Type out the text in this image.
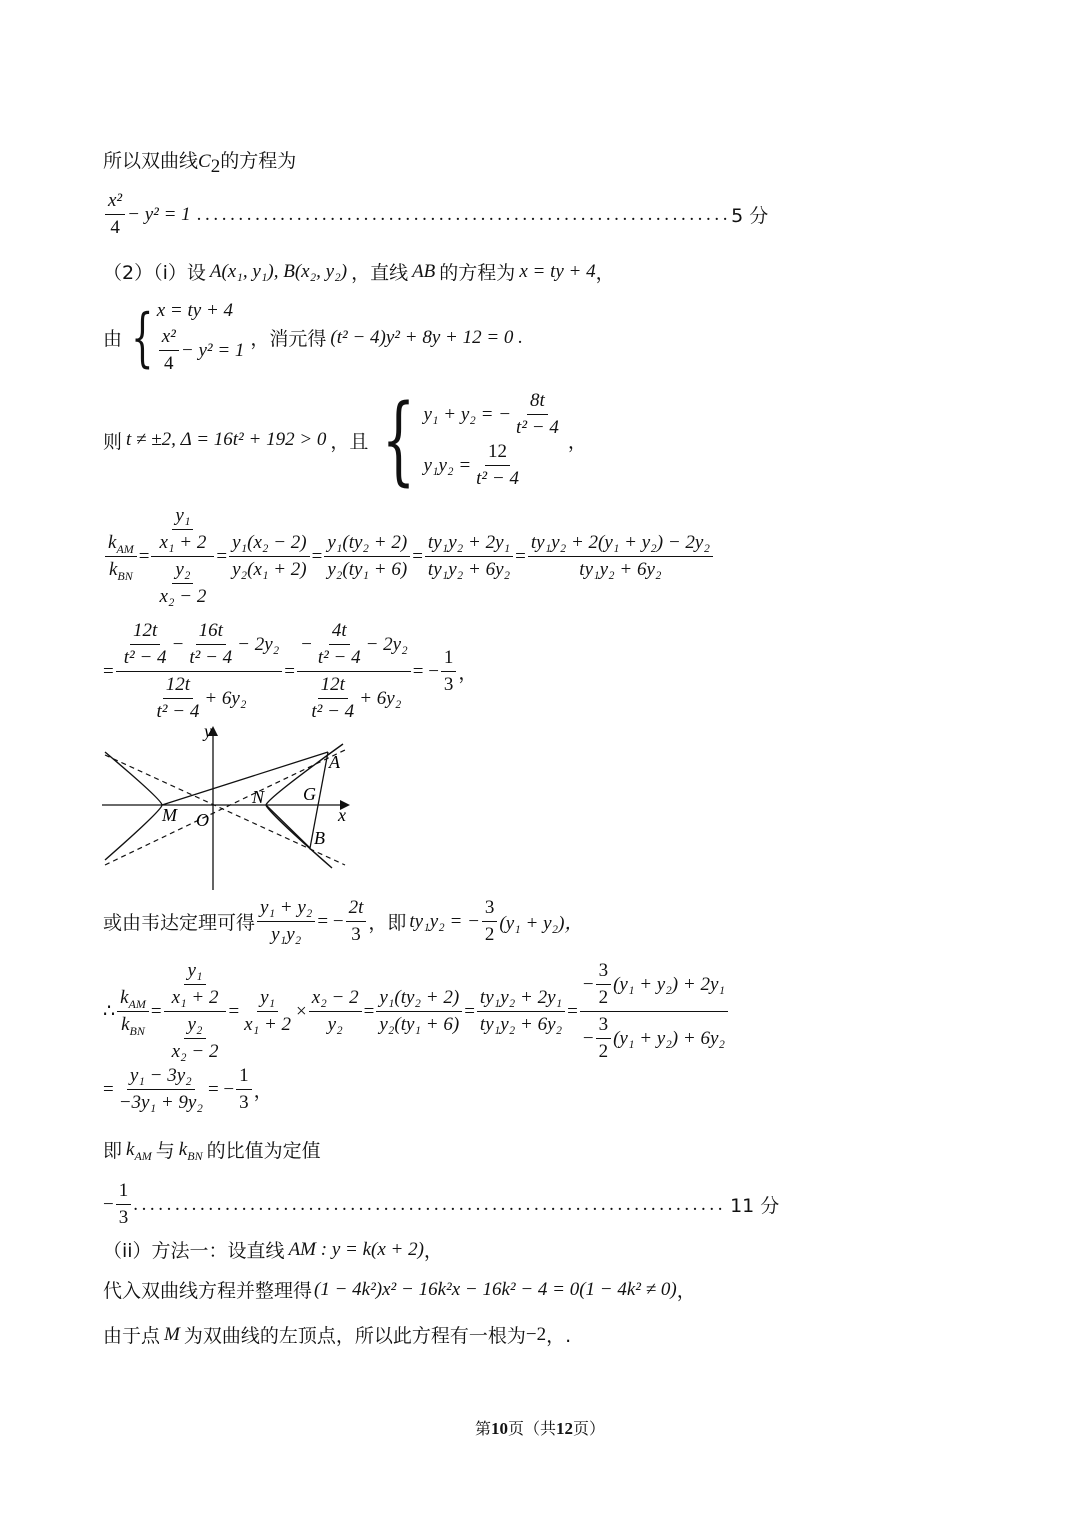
所以双曲线$C_2$的方程为
$\frac{\text{x²}}{4} - y^2 = 1$ ................................................................ 5 分
（2）（i）设 A(x₁, y₁), B(x₂, y₂) ，直线 AB 的方程为 x = ty + 4 ，
由 { x = ty + 4
$\frac{\text{x²}}{4} - y^2 = 1$ ，消元得 (t² − 4)y² + 8y + 12 = 0 .
则 t ≠ ±2, Δ = 16t² + 192 > 0 ，且 { y₁ + y₂ = − $\frac{8t}{\text{t² − 4}}$
$y_1y_2 = \frac{12}{\text{t² − 4}}$ ，
$\frac{k_{AM}}{k_{BN}} = \frac{\frac{\text{y₁}}{\text{x₁ + 2}}}{\frac{\text{y₂}}{\text{x₂ − 2}}} = \frac{\text{y₁(x₂ − 2)}}{\text{y₂(x₁ + 2)}} = \frac{\text{y₁(ty₂ + 2)}}{\text{y₂(ty₁ + 6)}} = \frac{\text{ty₁y₂ + 2y₁}}{\text{ty₁y₂ + 6y₂}} = \frac{\text{ty₁y₂ + 2(y₁ + y₂) − 2y₂}}{\text{ty₁y₂ + 6y₂}}$
= $\frac{\frac{12t}{\text{t² − 4}} - \frac{16t}{\text{t² − 4}} - 2y_2}{\frac{12t}{\text{t² − 4}} + 6y_2} = \frac{- \frac{4t}{\text{t² − 4}} - 2y_2}{\frac{12t}{\text{t² − 4}} + 6y_2}$ = − $\frac{1}{3}$ ，
y
x
A
B
N G
M O
或由韦达定理可得 $\frac{\text{y₁ + y₂}}{\text{y₁y₂}}$ = − $\frac{2t}{3}$ ，即 ty₁y₂ = − $\frac{3}{2} (y_1 + y_2)$，
∴ $\frac{k_{AM}}{k_{BN}} = \frac{\frac{\text{y₁}}{\text{x₁ + 2}}}{\frac{\text{y₂}}{\text{x₂ − 2}}} = \frac{\text{y₁}}{\text{x₁ + 2}} \times \frac{\text{x₂ − 2}}{\text{y₂}} = \frac{\text{y₁(ty₂ + 2)}}{\text{y₂(ty₁ + 6)}} = \frac{\text{ty₁y₂ + 2y₁}}{\text{ty₁y₂ + 6y₂}} = \frac{- \frac{3}{2} (y_1 + y_2) + 2y_1}{- \frac{3}{2} (y_1 + y_2) + 6y_2}$
= $\frac{\text{y₁ − 3y₂}}{\text{−3y₁ + 9y₂}}$ = − $\frac{1}{3}$ ，
即 $k_{AM}$ 与 $k_{BN}$ 的比值为定值
− $\frac{1}{3}$ ....................................................................... 11 分
（ii）方法一：设直线 AM : y = k(x + 2) ，
代入双曲线方程并整理得 (1 − 4k²)x² − 16k²x − 16k² − 4 = 0(1 − 4k² ≠ 0) ，
由于点 M 为双曲线的左顶点，所以此方程有一根为 −2 ，.
第10页（共12页）
